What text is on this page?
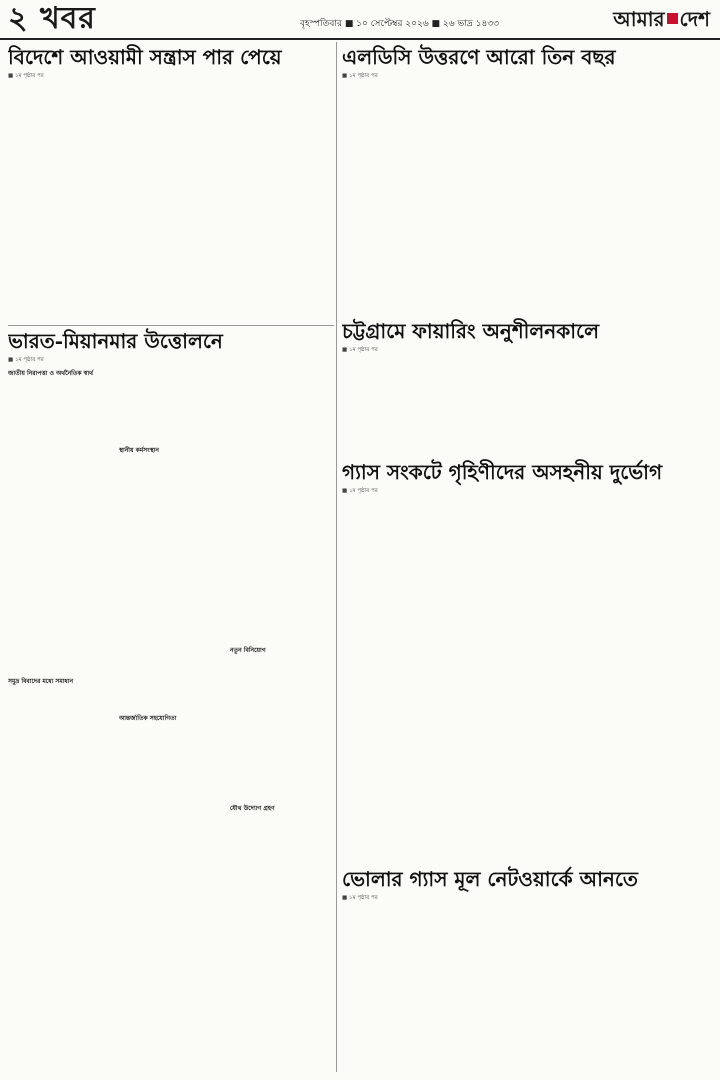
২ খবর	বৃহস্পতিবার ■ ১০ সেপ্টেম্বর ২০২৬ ■ ২৬ ভাদ্র ১৪৩৩	আমার দেশ
বিদেশে আওয়ামী সন্ত্রাস পার পেয়ে
■ ১ম পৃষ্ঠার পর
এলডিসি উত্তরণে আরো তিন বছর
■ ১ম পৃষ্ঠার পর
চট্টগ্রামে ফায়ারিং অনুশীলনকালে
■ ১ম পৃষ্ঠার পর
ভারত-মিয়ানমার উত্তোলনে
■ ১ম পৃষ্ঠার পর
জাতীয় নিরাপত্তা ও অর্থনৈতিক স্বার্থ
সমুদ্র বিবাদের মধ্যে সমাধান
স্থানীয় কর্মসংস্থান
আন্তর্জাতিক সহযোগিতা
নতুন বিনিয়োগ
যৌথ উদ্যোগ গ্রহণ
গ্যাস সংকটে গৃহিণীদের অসহনীয় দুর্ভোগ
■ ১ম পৃষ্ঠার পর
ভোলার গ্যাস মূল নেটওয়ার্কে আনতে
■ ১ম পৃষ্ঠার পর
